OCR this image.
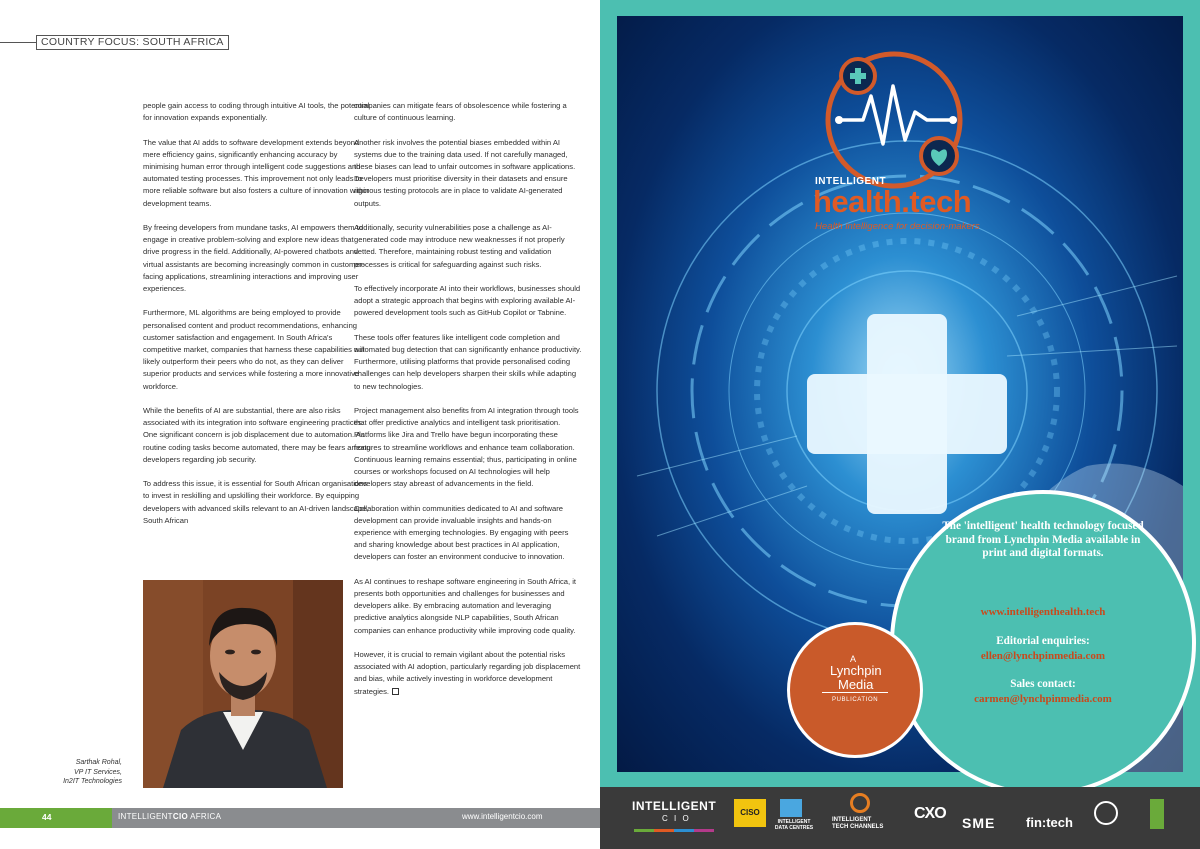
COUNTRY FOCUS: SOUTH AFRICA

people gain access to coding through intuitive AI tools, the potential for innovation expands exponentially.

The value that AI adds to software development extends beyond mere efficiency gains, significantly enhancing accuracy by minimising human error through intelligent code suggestions and automated testing processes. This improvement not only leads to more reliable software but also fosters a culture of innovation within development teams.

By freeing developers from mundane tasks, AI empowers them to engage in creative problem-solving and explore new ideas that drive progress in the field. Additionally, AI-powered chatbots and virtual assistants are becoming increasingly common in customer-facing applications, streamlining interactions and improving user experiences.

Furthermore, ML algorithms are being employed to provide personalised content and product recommendations, enhancing customer satisfaction and engagement. In South Africa's competitive market, companies that harness these capabilities will likely outperform their peers who do not, as they can deliver superior products and services while fostering a more innovative workforce.

While the benefits of AI are substantial, there are also risks associated with its integration into software engineering practices. One significant concern is job displacement due to automation. As routine coding tasks become automated, there may be fears among developers regarding job security.

To address this issue, it is essential for South African organisations to invest in reskilling and upskilling their workforce. By equipping developers with advanced skills relevant to an AI-driven landscape, South African

companies can mitigate fears of obsolescence while fostering a culture of continuous learning.

Another risk involves the potential biases embedded within AI systems due to the training data used. If not carefully managed, these biases can lead to unfair outcomes in software applications. Developers must prioritise diversity in their datasets and ensure rigorous testing protocols are in place to validate AI-generated outputs.

Additionally, security vulnerabilities pose a challenge as AI-generated code may introduce new weaknesses if not properly vetted. Therefore, maintaining robust testing and validation processes is critical for safeguarding against such risks.

To effectively incorporate AI into their workflows, businesses should adopt a strategic approach that begins with exploring available AI-powered development tools such as GitHub Copilot or Tabnine.

These tools offer features like intelligent code completion and automated bug detection that can significantly enhance productivity. Furthermore, utilising platforms that provide personalised coding challenges can help developers sharpen their skills while adapting to new technologies.

Project management also benefits from AI integration through tools that offer predictive analytics and intelligent task prioritisation. Platforms like Jira and Trello have begun incorporating these features to streamline workflows and enhance team collaboration. Continuous learning remains essential; thus, participating in online courses or workshops focused on AI technologies will help developers stay abreast of advancements in the field.

Collaboration within communities dedicated to AI and software development can provide invaluable insights and hands-on experience with emerging technologies. By engaging with peers and sharing knowledge about best practices in AI application, developers can foster an environment conducive to innovation.

As AI continues to reshape software engineering in South Africa, it presents both opportunities and challenges for businesses and developers alike. By embracing automation and leveraging predictive analytics alongside NLP capabilities, South African companies can enhance productivity while improving code quality.

However, it is crucial to remain vigilant about the potential risks associated with AI adoption, particularly regarding job displacement and bias, while actively investing in workforce development strategies.

Sarthak Rohal,
VP IT Services,
In2IT Technologies
44	INTELLIGENTCIO AFRICA	www.intelligentcio.com
INTELLIGENT
health.tech
Health intelligence for decision-makers
The 'intelligent' health technology focused brand from Lynchpin Media available in print and digital formats.
www.intelligenthealth.tech
Editorial enquiries:
ellen@lynchpinmedia.com
Sales contact:
carmen@lynchpinmedia.com
A
Lynchpin
Media
PUBLICATION
INTELLIGENT
C I O
CISO
INTELLIGENT DATA CENTRES
INTELLIGENT
TECH CHANNELS
CXO
SME fin:tech
